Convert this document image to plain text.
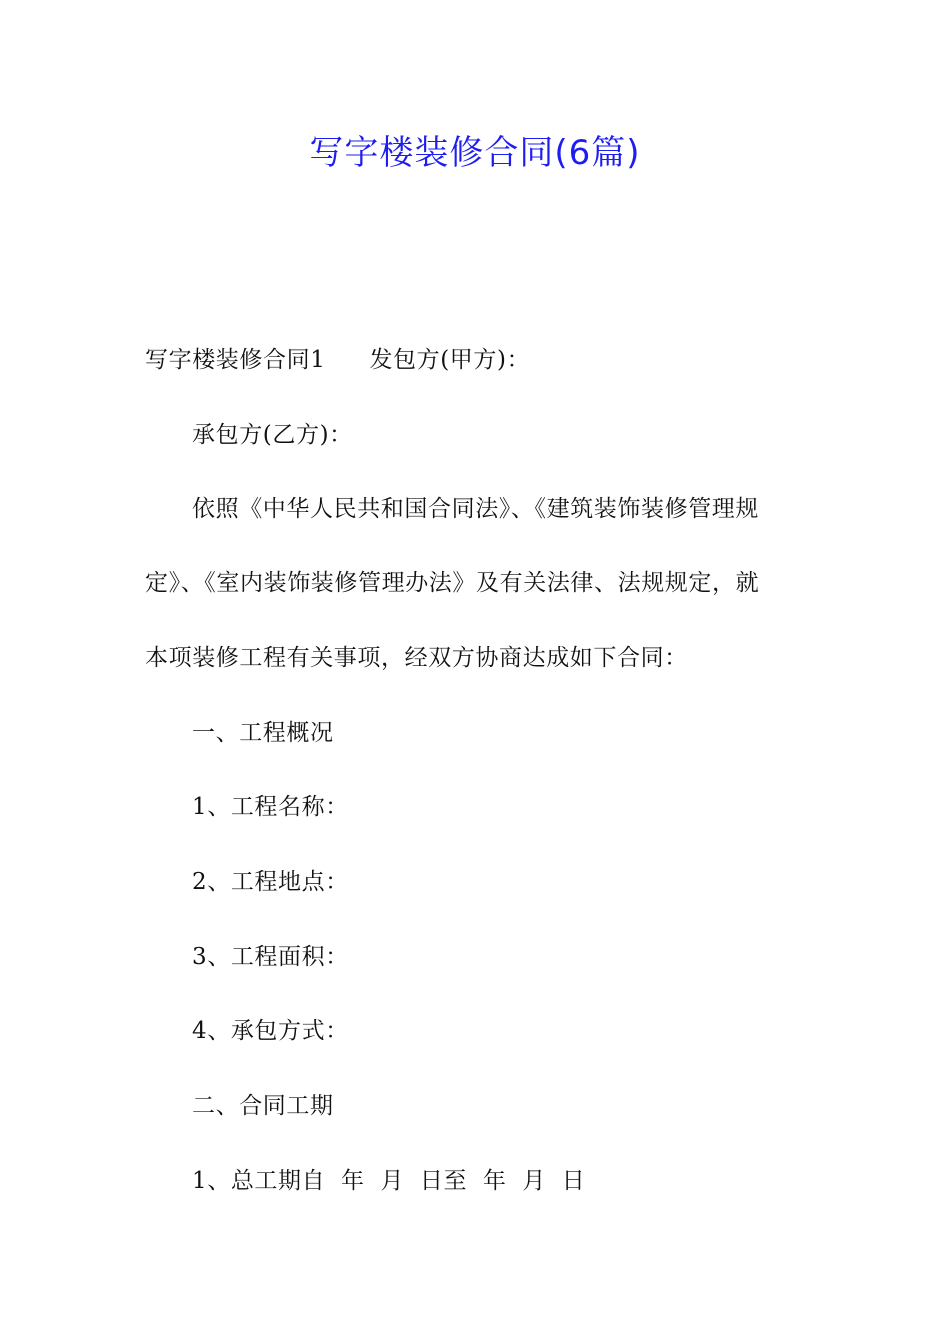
写字楼装修合同(6篇)
写字楼装修合同1 发包方(甲方)：
承包方(乙方)：
依照《中华人民共和国合同法》、《建筑装饰装修管理规
定》、《室内装饰装修管理办法》及有关法律、法规规定，就
本项装修工程有关事项，经双方协商达成如下合同：
一、工程概况
1、工程名称：
2、工程地点：
3、工程面积：
4、承包方式：
二、合同工期
1、总工期自  年  月  日至  年  月  日
